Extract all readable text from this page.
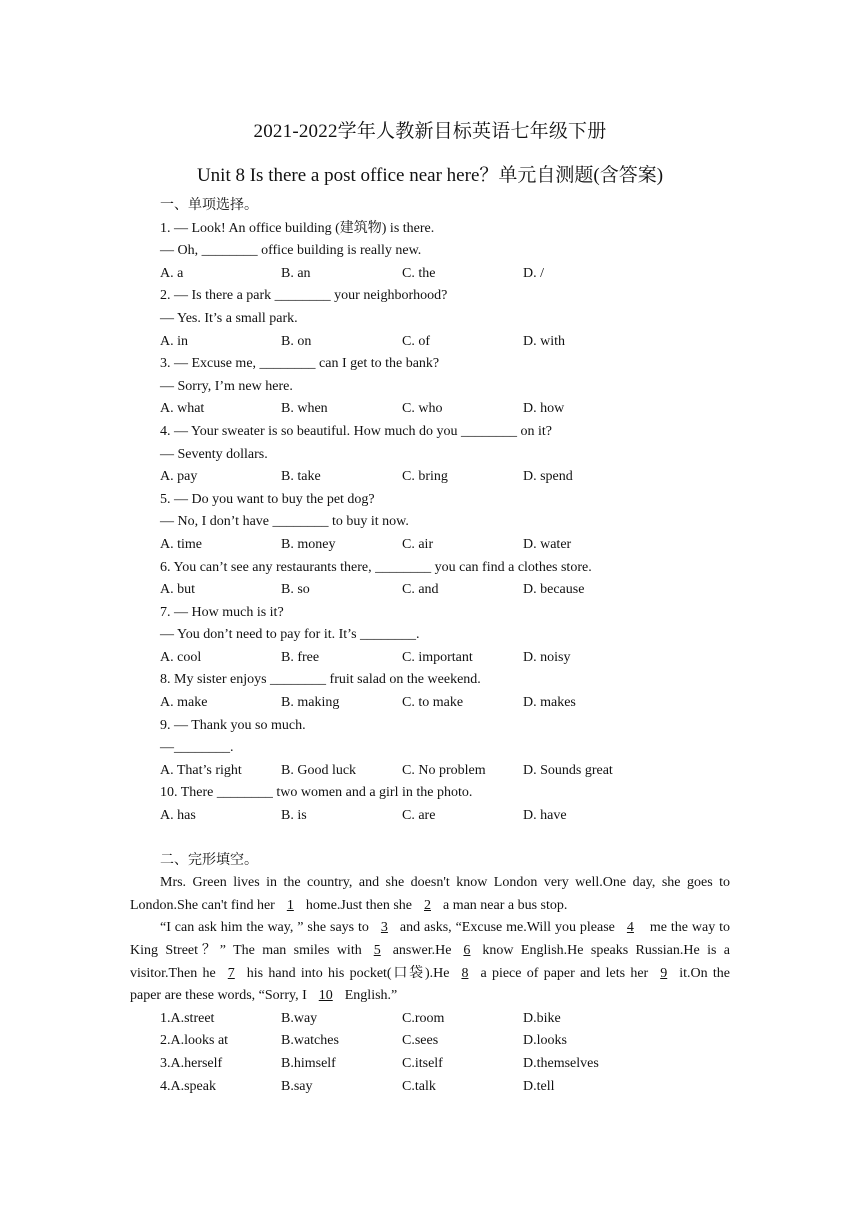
2021-2022学年人教新目标英语七年级下册
Unit 8 Is there a post office near here？单元自测题(含答案)
一、单项选择。
1. — Look! An office building (建筑物) is there.
— Oh, ________ office building is really new.
A. a	B. an	C. the	D. /
2. — Is there a park ________ your neighborhood?
— Yes. It’s a small park.
A. in	B. on	C. of	D. with
3. — Excuse me, ________ can I get to the bank?
— Sorry, I’m new here.
A. what	B. when	C. who	D. how
4. — Your sweater is so beautiful. How much do you ________ on it?
— Seventy dollars.
A. pay	B. take	C. bring	D. spend
5. — Do you want to buy the pet dog?
— No, I don’t have ________ to buy it now.
A. time	B. money	C. air	D. water
6. You can’t see any restaurants there, ________ you can find a clothes store.
A. but	B. so	C. and	D. because
7. — How much is it?
— You don’t need to pay for it. It’s ________.
A. cool	B. free	C. important	D. noisy
8. My sister enjoys ________ fruit salad on the weekend.
A. make	B. making	C. to make	D. makes
9. — Thank you so much.
—________.
A. That’s right	B. Good luck	C. No problem	D. Sounds great
10. There ________ two women and a girl in the photo.
A. has	B. is	C. are	D. have
二、完形填空。
Mrs. Green lives in the country, and she doesn't know London very well.One day, she goes to London.She can't find her 1 home.Just then she 2 a man near a bus stop.
“I can ask him the way, ” she says to 3 and asks, “Excuse me.Will you please 4 me the way to King Street？” The man smiles with 5 answer.He 6 know English.He speaks Russian.He is a visitor.Then he 7 his hand into his pocket(口袋).He 8 a piece of paper and lets her 9 it.On the paper are these words, “Sorry, I 10 English.”
1.A.street	B.way	C.room	D.bike
2.A.looks at	B.watches	C.sees	D.looks
3.A.herself	B.himself	C.itself	D.themselves
4.A.speak	B.say	C.talk	D.tell
